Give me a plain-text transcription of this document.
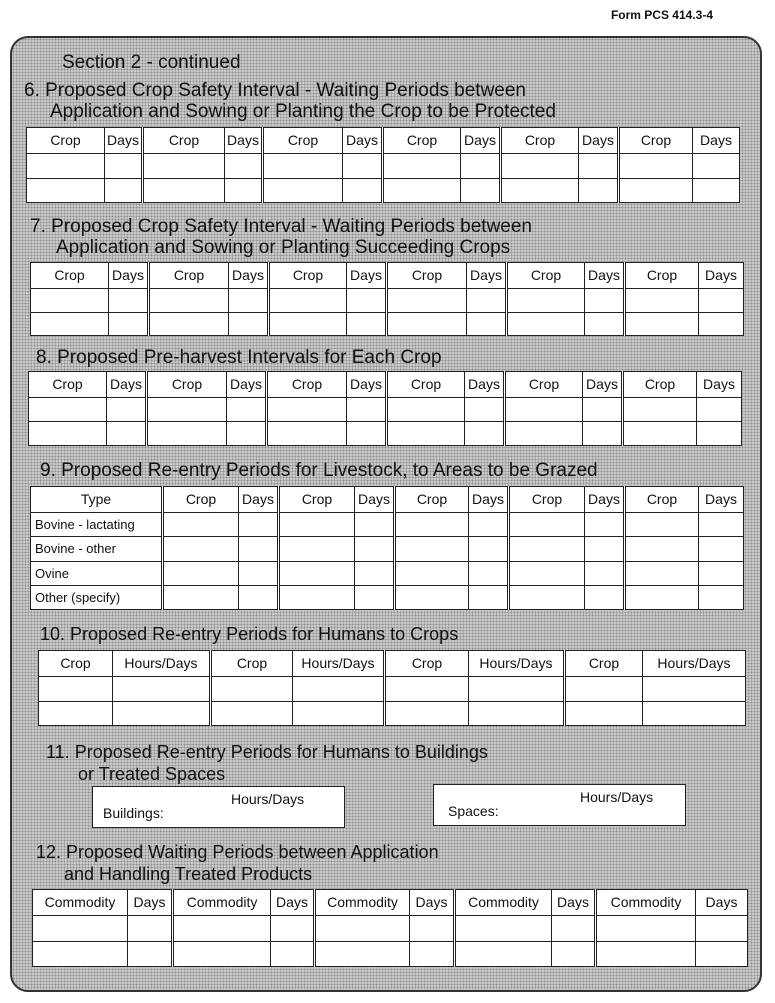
Form PCS 414.3-4
Section 2 - continued
6. Proposed Crop Safety Interval - Waiting Periods between
Application and Sowing or Planting the Crop to be Protected
Crop	Days	Crop	Days	Crop	Days	Crop	Days	Crop	Days	Crop	Days

7. Proposed Crop Safety Interval - Waiting Periods between
Application and Sowing or Planting Succeeding Crops
Crop	Days	Crop	Days	Crop	Days	Crop	Days	Crop	Days	Crop	Days

8. Proposed Pre-harvest Intervals for Each Crop
Crop	Days	Crop	Days	Crop	Days	Crop	Days	Crop	Days	Crop	Days

9. Proposed Re-entry Periods for Livestock, to Areas to be Grazed
Type	Crop	Days	Crop	Days	Crop	Days	Crop	Days	Crop	Days
Bovine - lactating										
Bovine - other										
Ovine										
Other (specify)										
10. Proposed Re-entry Periods for Humans to Crops
Crop	Hours/Days	Crop	Hours/Days	Crop	Hours/Days	Crop	Hours/Days

11. Proposed Re-entry Periods for Humans to Buildings
or Treated Spaces
Hours/Days
Buildings:
Hours/Days
Spaces:
12. Proposed Waiting Periods between Application
and Handling Treated Products
Commodity	Days	Commodity	Days	Commodity	Days	Commodity	Days	Commodity	Days
